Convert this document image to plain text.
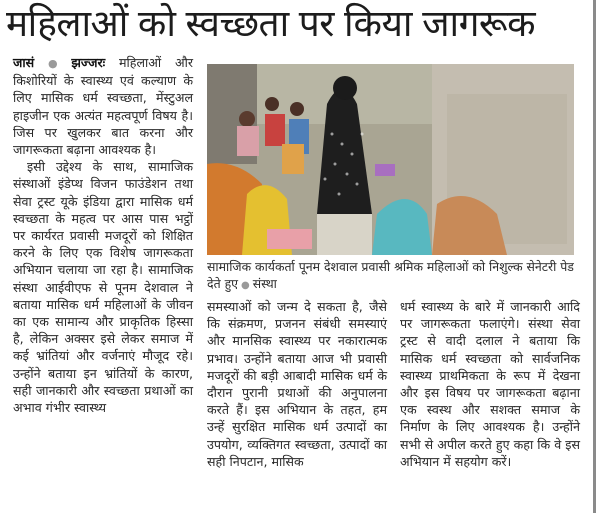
महिलाओं को स्वच्छता पर किया जागरूक

जासं ● झज्जरः महिलाओं और किशोरियों के स्वास्थ्य एवं कल्याण के लिए मासिक धर्म स्वच्छता, मेंस्टुअल हाइजीन एक अत्यंत महत्वपूर्ण विषय है। जिस पर खुलकर बात करना और जागरूकता बढ़ाना आवश्यक है।

इसी उद्देश्य के साथ, सामाजिक संस्थाओं इंडेप्थ विजन फाउंडेशन तथा सेवा ट्रस्ट यूके इंडिया द्वारा मासिक धर्म स्वच्छता के महत्व पर आस पास भट्ठों पर कार्यरत प्रवासी मजदूरों को शिक्षित करने के लिए एक विशेष जागरूकता अभियान चलाया जा रहा है। सामाजिक संस्था आईवीएफ से पूनम देशवाल ने बताया मासिक धर्म महिलाओं के जीवन का एक सामान्य और प्राकृतिक हिस्सा है, लेकिन अक्सर इसे लेकर समाज में कई भ्रांतियां और वर्जनाएं मौजूद रहे। उन्होंने बताया इन भ्रांतियों के कारण, सही जानकारी और स्वच्छता प्रथाओं का अभाव गंभीर स्वास्थ्य

सामाजिक कार्यकर्ता पूनम देशवाल प्रवासी श्रमिक महिलाओं को निशुल्क सेनेटरी पेड देते हुए ● संस्था

समस्याओं को जन्म दे सकता है, जैसे कि संक्रमण, प्रजनन संबंधी समस्याएं और मानसिक स्वास्थ्य पर नकारात्मक प्रभाव। उन्होंने बताया आज भी प्रवासी मजदूरों की बड़ी आबादी मासिक धर्म के दौरान पुरानी प्रथाओं की अनुपालना करते हैं। इस अभियान के तहत, हम उन्हें सुरक्षित मासिक धर्म उत्पादों का उपयोग, व्यक्तिगत स्वच्छता, उत्पादों का सही निपटान, मासिक

धर्म स्वास्थ्य के बारे में जानकारी आदि पर जागरूकता फलाएंगे। संस्था सेवा ट्रस्ट से वादी दलाल ने बताया कि मासिक धर्म स्वच्छता को सार्वजनिक स्वास्थ्य प्राथमिकता के रूप में देखना और इस विषय पर जागरूकता बढ़ाना एक स्वस्थ और सशक्त समाज के निर्माण के लिए आवश्यक है। उन्होंने सभी से अपील करते हुए कहा कि वे इस अभियान में सहयोग करें।
